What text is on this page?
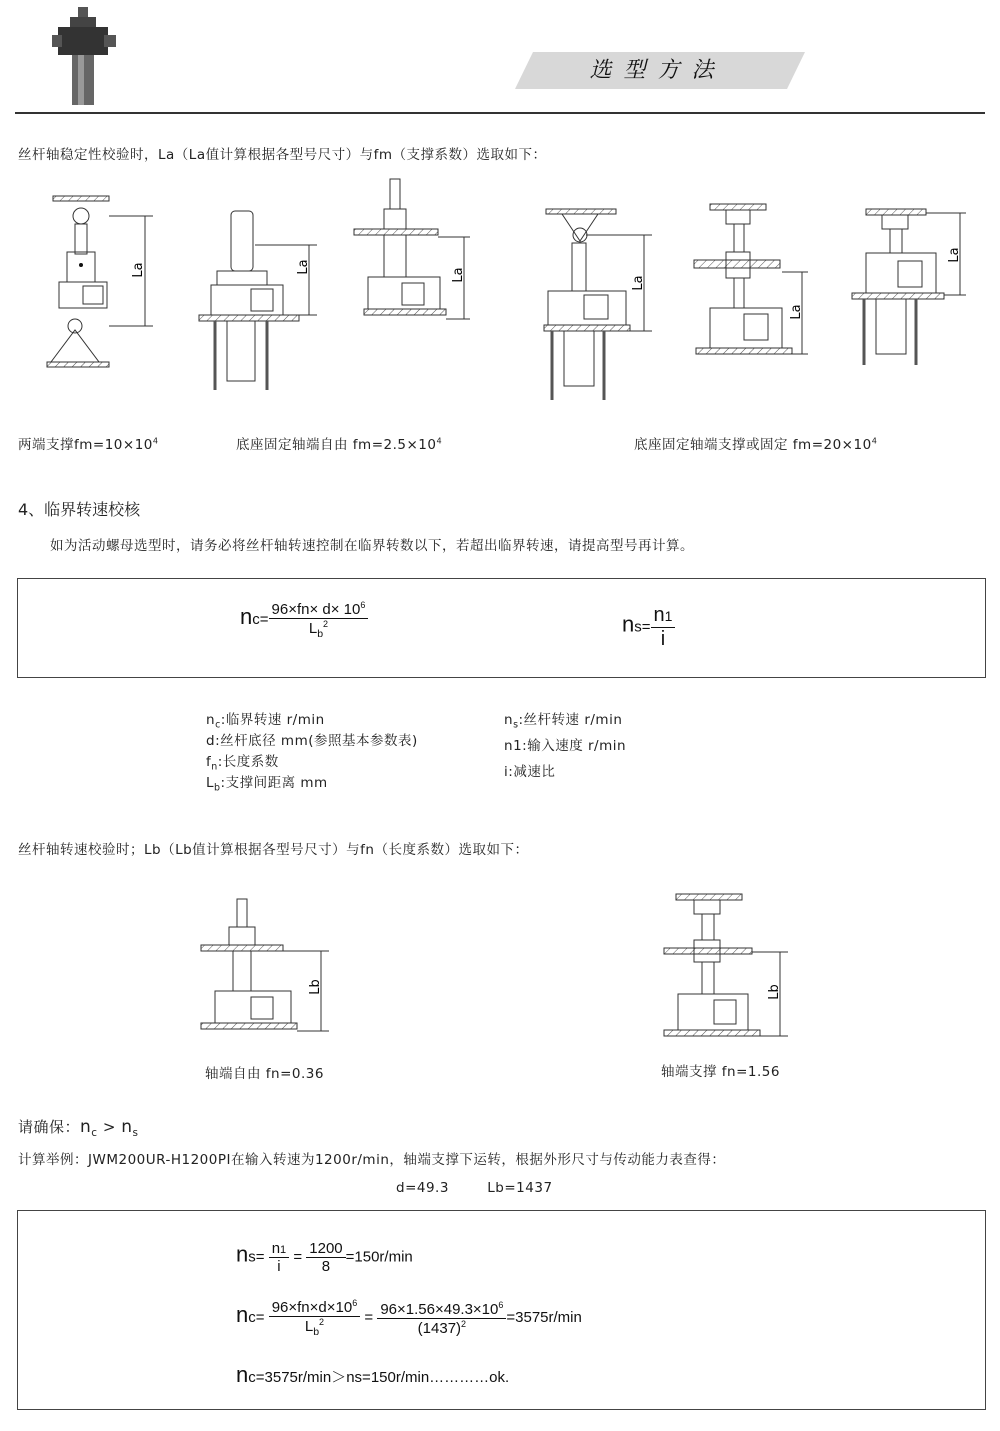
选型方法
丝杆轴稳定性校验时，La（La值计算根据各型号尺寸）与fm（支撑系数）选取如下：
La	La
La
La
La
La
两端支撑$fm=10\times 10^4$	底座固定轴端自由 $fm=2.5\times 10^4$	底座固定轴端支撑或固定 $fm=20\times 10^4$
4、临界转速校核
如为活动螺母选型时，请务必将丝杆轴转速控制在临界转数以下，若超出临界转速，请提高型号再计算。
$nc= \frac{96\times fn\times d\times 10^6}{L_b^2}$	$ns= \frac{n1}{i}$
$n_c$:临界转速 r/min
d:丝杆底径 mm(参照基本参数表)
$f_n$:长度系数
$L_b$:支撑间距离 mm
$n_s$:丝杆转速 r/min
n1:输入速度 r/min
i:减速比
丝杆轴转速校验时；Lb（Lb值计算根据各型号尺寸）与fn（长度系数）选取如下：
Lb	Lb
轴端自由 fn=0.36	轴端支撑 fn=1.56
请确保：$n_c > n_s$
计算举例：JWM200UR-H1200PI在输入转速为1200r/min，轴端支撑下运转，根据外形尺寸与传动能力表查得：
d=49.3        Lb=1437
$ns= \frac{n1}{i} = \frac{1200}{8} =150r/\min$
$nc= \frac{96\times fn\times d\times 10^6}{L_b^2} = \frac{96\times 1.56\times 49.3\times 10^6}{(1437)^2} =3575r/\min$
nc=3575r/min＞ns=150r/min…………ok.
